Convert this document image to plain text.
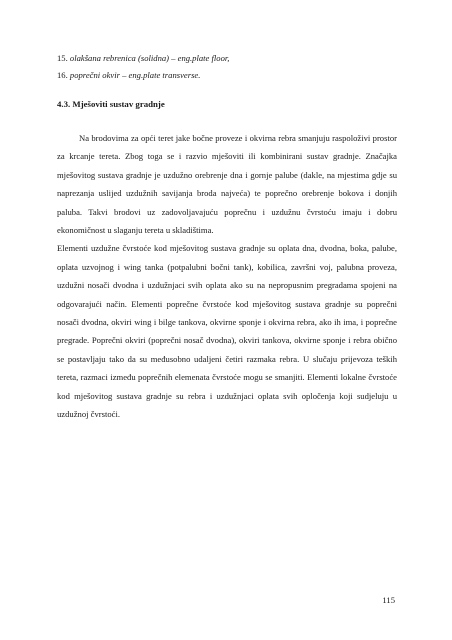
15. olakšana rebrenica (solidna) – eng.plate floor,
16. poprečni okvir – eng.plate transverse.
4.3. Mješoviti sustav gradnje

Na brodovima za opći teret jake bočne proveze i okvirna rebra smanjuju raspoloživi prostor za krcanje tereta. Zbog toga se i razvio mješoviti ili kombinirani sustav gradnje. Značajka mješovitog sustava gradnje je uzdužno orebrenje dna i gornje palube (dakle, na mjestima gdje su naprezanja uslijed uzdužnih savijanja broda najveća) te poprečno orebrenje bokova i donjih paluba. Takvi brodovi uz zadovoljavajuću poprečnu i uzdužnu čvrstoću imaju i dobru ekonomičnost u slaganju tereta u skladištima.

Elementi uzdužne čvrstoće kod mješovitog sustava gradnje su oplata dna, dvodna, boka, palube, oplata uzvojnog i wing tanka (potpalubni bočni tank), kobilica, završni voj, palubna proveza, uzdužni nosači dvodna i uzdužnjaci svih oplata ako su na nepropusnim pregradama spojeni na odgovarajući način. Elementi poprečne čvrstoće kod mješovitog sustava gradnje su poprečni nosači dvodna, okviri wing i bilge tankova, okvirne sponje i okvirna rebra, ako ih ima, i poprečne pregrade. Poprečni okviri (poprečni nosač dvodna), okviri tankova, okvirne sponje i rebra obično se postavljaju tako da su međusobno udaljeni četiri razmaka rebra. U slučaju prijevoza teških tereta, razmaci između poprečnih elemenata čvrstoće mogu se smanjiti. Elementi lokalne čvrstoće kod mješovitog sustava gradnje su rebra i uzdužnjaci oplata svih opločenja koji sudjeluju u uzdužnoj čvrstoći.

115
